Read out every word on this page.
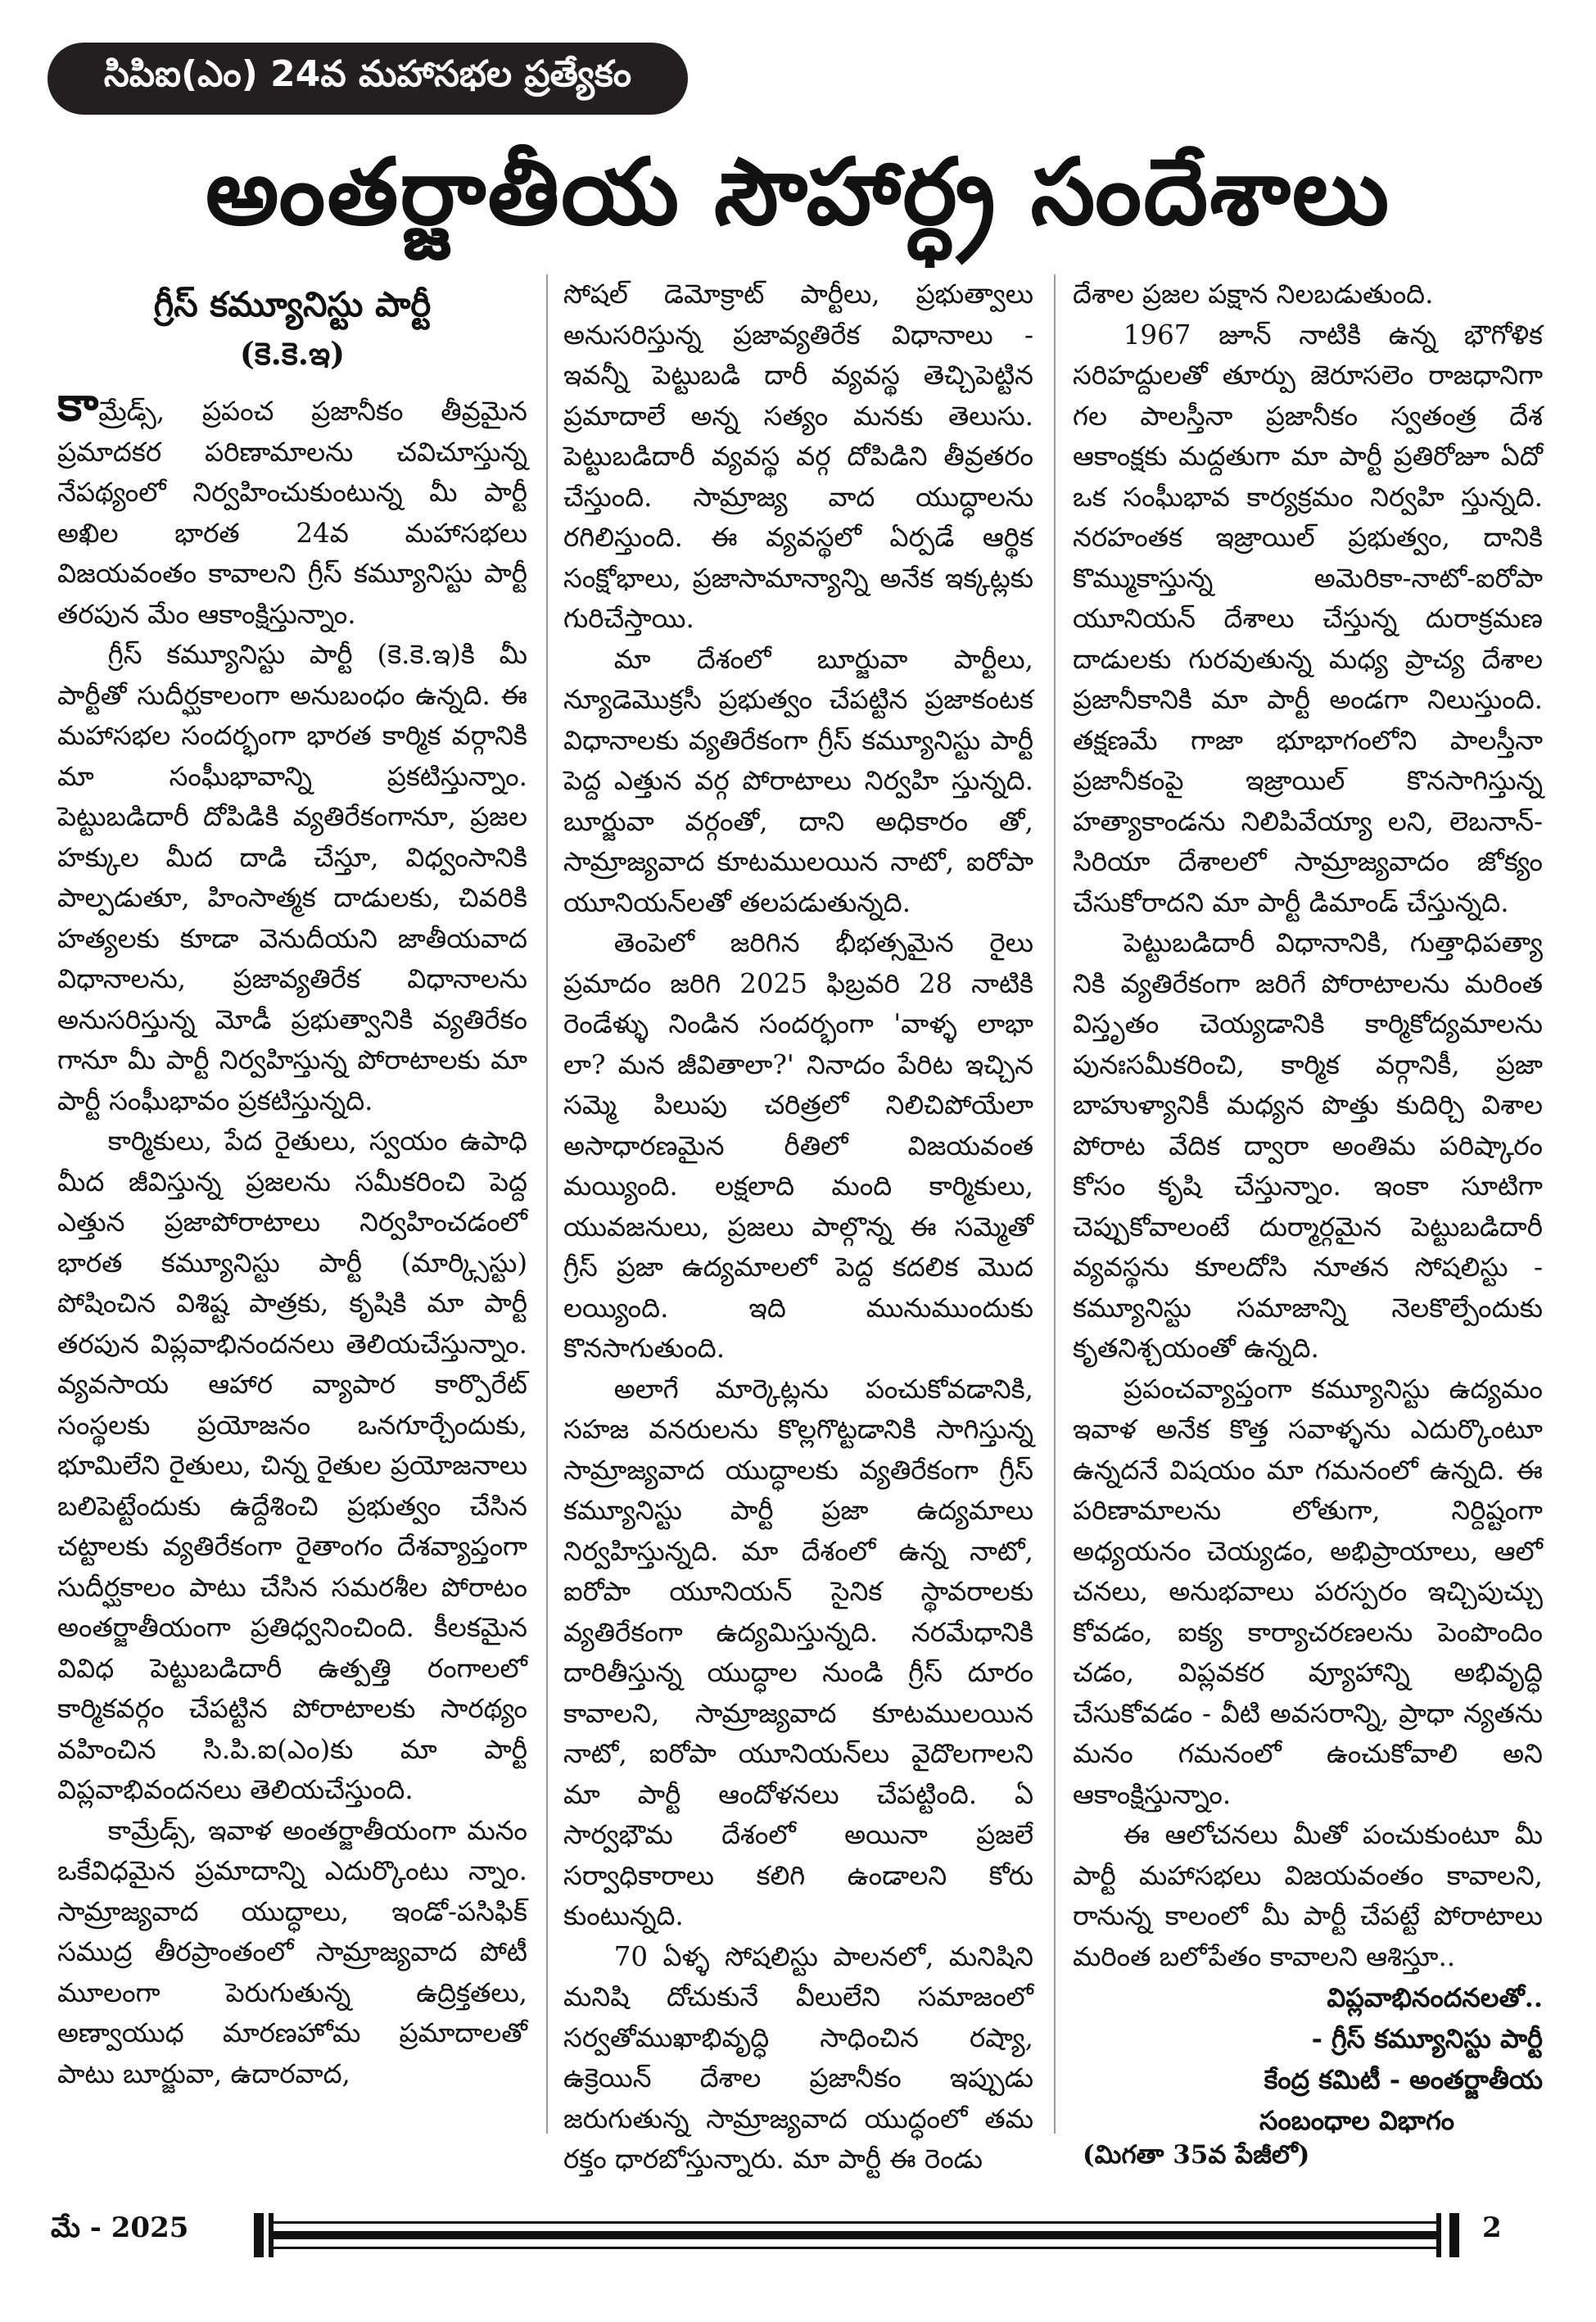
సిపిఐ(ఎం) 24వ మహాసభల ప్రత్యేకం
అంతర్జాతీయ సౌహార్ధ్ర సందేశాలు
గ్రీస్ కమ్యూనిస్టు పార్టీ
(కె.కె.ఇ)

కామ్రేడ్స్, ప్రపంచ ప్రజానీకం తీవ్రమైన ప్రమాదకర పరిణామాలను చవిచూస్తున్న నేపథ్యంలో నిర్వహించుకుంటున్న మీ పార్టీ అఖిల భారత 24వ మహాసభలు విజయవంతం కావాలని గ్రీస్ కమ్యూనిస్టు పార్టీ తరపున మేం ఆకాంక్షిస్తున్నాం.

గ్రీస్ కమ్యూనిస్టు పార్టీ (కె.కె.ఇ)కి మీ పార్టీతో సుదీర్ఘకాలంగా అనుబంధం ఉన్నది. ఈ మహాసభల సందర్భంగా భారత కార్మిక వర్గానికి మా సంఘీభావాన్ని ప్రకటిస్తున్నాం. పెట్టుబడిదారీ దోపిడికి వ్యతిరేకంగానూ, ప్రజల హక్కుల మీద దాడి చేస్తూ, విధ్వంసానికి పాల్పడుతూ, హింసాత్మక దాడులకు, చివరికి హత్యలకు కూడా వెనుదీయని జాతీయవాద విధానాలను, ప్రజావ్యతిరేక విధానాలను అనుసరిస్తున్న మోడీ ప్రభుత్వానికి వ్యతిరేకం గానూ మీ పార్టీ నిర్వహిస్తున్న పోరాటాలకు మా పార్టీ సంఘీభావం ప్రకటిస్తున్నది.

కార్మికులు, పేద రైతులు, స్వయం ఉపాధి మీద జీవిస్తున్న ప్రజలను సమీకరించి పెద్ద ఎత్తున ప్రజాపోరాటాలు నిర్వహించడంలో భారత కమ్యూనిస్టు పార్టీ (మార్క్సిస్టు) పోషించిన విశిష్ట పాత్రకు, కృషికి మా పార్టీ తరపున విప్లవాభినందనలు తెలియచేస్తున్నాం. వ్యవసాయ ఆహార వ్యాపార కార్పొరేట్ సంస్థలకు ప్రయోజనం ఒనగూర్చేందుకు, భూమిలేని రైతులు, చిన్న రైతుల ప్రయోజనాలు బలిపెట్టేందుకు ఉద్దేశించి ప్రభుత్వం చేసిన చట్టాలకు వ్యతిరేకంగా రైతాంగం దేశవ్యాప్తంగా సుదీర్ఘకాలం పాటు చేసిన సమరశీల పోరాటం అంతర్జాతీయంగా ప్రతిధ్వనించింది. కీలకమైన వివిధ పెట్టుబడిదారీ ఉత్పత్తి రంగాలలో కార్మికవర్గం చేపట్టిన పోరాటాలకు సారథ్యం వహించిన సి.పి.ఐ(ఎం)కు మా పార్టీ విప్లవాభివందనలు తెలియచేస్తుంది.

కామ్రేడ్స్, ఇవాళ అంతర్జాతీయంగా మనం ఒకేవిధమైన ప్రమాదాన్ని ఎదుర్కొంటు న్నాం. సామ్రాజ్యవాద యుద్ధాలు, ఇండో-పసిఫిక్ సముద్ర తీరప్రాంతంలో సామ్రాజ్యవాద పోటీ మూలంగా పెరుగుతున్న ఉద్రిక్తతలు, అణ్వాయుధ మారణహోమ ప్రమాదాలతో పాటు బూర్జువా, ఉదారవాద,

సోషల్ డెమోక్రాట్ పార్టీలు, ప్రభుత్వాలు అనుసరిస్తున్న ప్రజావ్యతిరేక విధానాలు - ఇవన్నీ పెట్టుబడి దారీ వ్యవస్థ తెచ్చిపెట్టిన ప్రమాదాలే అన్న సత్యం మనకు తెలుసు. పెట్టుబడిదారీ వ్యవస్థ వర్గ దోపిడిని తీవ్రతరం చేస్తుంది. సామ్రాజ్య వాద యుద్ధాలను రగిలిస్తుంది. ఈ వ్యవస్థలో ఏర్పడే ఆర్థిక సంక్షోభాలు, ప్రజాసామాన్యాన్ని అనేక ఇక్కట్లకు గురిచేస్తాయి.

మా దేశంలో బూర్జువా పార్టీలు, న్యూడెమొక్రసీ ప్రభుత్వం చేపట్టిన ప్రజాకంటక విధానాలకు వ్యతిరేకంగా గ్రీస్ కమ్యూనిస్టు పార్టీ పెద్ద ఎత్తున వర్గ పోరాటాలు నిర్వహి స్తున్నది. బూర్జువా వర్గంతో, దాని అధికారం తో, సామ్రాజ్యవాద కూటములయిన నాటో, ఐరోపా యూనియన్‌లతో తలపడుతున్నది.

తెంపెలో జరిగిన భీభత్సమైన రైలు ప్రమాదం జరిగి 2025 ఫిబ్రవరి 28 నాటికి రెండేళ్ళు నిండిన సందర్భంగా 'వాళ్ళ లాభా లా? మన జీవితాలా?' నినాదం పేరిట ఇచ్చిన సమ్మె పిలుపు చరిత్రలో నిలిచిపోయేలా అసాధారణమైన రీతిలో విజయవంత మయ్యింది. లక్షలాది మంది కార్మికులు, యువజనులు, ప్రజలు పాల్గొన్న ఈ సమ్మెతో గ్రీస్ ప్రజా ఉద్యమాలలో పెద్ద కదలిక మొద లయ్యింది. ఇది మునుముందుకు కొనసాగుతుంది.

అలాగే మార్కెట్లను పంచుకోవడానికి, సహజ వనరులను కొల్లగొట్టడానికి సాగిస్తున్న సామ్రాజ్యవాద యుద్ధాలకు వ్యతిరేకంగా గ్రీస్ కమ్యూనిస్టు పార్టీ ప్రజా ఉద్యమాలు నిర్వహిస్తున్నది. మా దేశంలో ఉన్న నాటో, ఐరోపా యూనియన్ సైనిక స్థావరాలకు వ్యతిరేకంగా ఉద్యమిస్తున్నది. నరమేధానికి దారితీస్తున్న యుద్ధాల నుండి గ్రీస్ దూరం కావాలని, సామ్రాజ్యవాద కూటములయిన నాటో, ఐరోపా యూనియన్‌లు వైదొలగాలని మా పార్టీ ఆందోళనలు చేపట్టింది. ఏ సార్వభౌమ దేశంలో అయినా ప్రజలే సర్వాధికారాలు కలిగి ఉండాలని కోరు కుంటున్నది.

70 ఏళ్ళ సోషలిస్టు పాలనలో, మనిషిని మనిషి దోచుకునే వీలులేని సమాజంలో సర్వతోముఖాభివృద్ధి సాధించిన రష్యా, ఉక్రెయిన్ దేశాల ప్రజానీకం ఇప్పుడు జరుగుతున్న సామ్రాజ్యవాద యుద్ధంలో తమ రక్తం ధారబోస్తున్నారు. మా పార్టీ ఈ రెండు

దేశాల ప్రజల పక్షాన నిలబడుతుంది.

1967 జూన్ నాటికి ఉన్న భౌగోళిక సరిహద్దులతో తూర్పు జెరూసలెం రాజధానిగా గల పాలస్తీనా ప్రజానీకం స్వతంత్ర దేశ ఆకాంక్షకు మద్దతుగా మా పార్టీ ప్రతిరోజూ ఏదో ఒక సంఘీభావ కార్యక్రమం నిర్వహి స్తున్నది. నరహంతక ఇజ్రాయిల్ ప్రభుత్వం, దానికి కొమ్ముకాస్తున్న అమెరికా-నాటో-ఐరోపా యూనియన్ దేశాలు చేస్తున్న దురాక్రమణ దాడులకు గురవుతున్న మధ్య ప్రాచ్య దేశాల ప్రజానీకానికి మా పార్టీ అండగా నిలుస్తుంది. తక్షణమే గాజా భూభాగంలోని పాలస్తీనా ప్రజానీకంపై ఇజ్రాయిల్ కొనసాగిస్తున్న హత్యాకాండను నిలిపివేయ్యా లని, లెబనాన్-సిరియా దేశాలలో సామ్రాజ్యవాదం జోక్యం చేసుకోరాదని మా పార్టీ డిమాండ్ చేస్తున్నది.

పెట్టుబడిదారీ విధానానికి, గుత్తాధిపత్యా నికి వ్యతిరేకంగా జరిగే పోరాటాలను మరింత విస్తృతం చెయ్యడానికి కార్మికోద్యమాలను పునఃసమీకరించి, కార్మిక వర్గానికీ, ప్రజా బాహుళ్యానికీ మధ్యన పొత్తు కుదిర్చి విశాల పోరాట వేదిక ద్వారా అంతిమ పరిష్కారం కోసం కృషి చేస్తున్నాం. ఇంకా సూటిగా చెప్పుకోవాలంటే దుర్మార్గమైన పెట్టుబడిదారీ వ్యవస్థను కూలదోసి నూతన సోషలిస్టు - కమ్యూనిస్టు సమాజాన్ని నెలకొల్పేందుకు కృతనిశ్చయంతో ఉన్నది.

ప్రపంచవ్యాప్తంగా కమ్యూనిస్టు ఉద్యమం ఇవాళ అనేక కొత్త సవాళ్ళను ఎదుర్కొంటూ ఉన్నదనే విషయం మా గమనంలో ఉన్నది. ఈ పరిణామాలను లోతుగా, నిర్దిష్టంగా అధ్యయనం చెయ్యడం, అభిప్రాయాలు, ఆలో చనలు, అనుభవాలు పరస్పరం ఇచ్చిపుచ్చు కోవడం, ఐక్య కార్యాచరణలను పెంపొందిం చడం, విప్లవకర వ్యూహాన్ని అభివృద్ధి చేసుకోవడం - వీటి అవసరాన్ని, ప్రాధా న్యతను మనం గమనంలో ఉంచుకోవాలి అని ఆకాంక్షిస్తున్నాం.

ఈ ఆలోచనలు మీతో పంచుకుంటూ మీ పార్టీ మహాసభలు విజయవంతం కావాలని, రానున్న కాలంలో మీ పార్టీ చేపట్టే పోరాటాలు మరింత బలోపేతం కావాలని ఆశిస్తూ..

విప్లవాభినందనలతో..
- గ్రీస్ కమ్యూనిస్టు పార్టీ
కేంద్ర కమిటీ - అంతర్జాతీయ
సంబంధాల విభాగం
(మిగతా 35వ పేజీలో)
మే - 2025	2
